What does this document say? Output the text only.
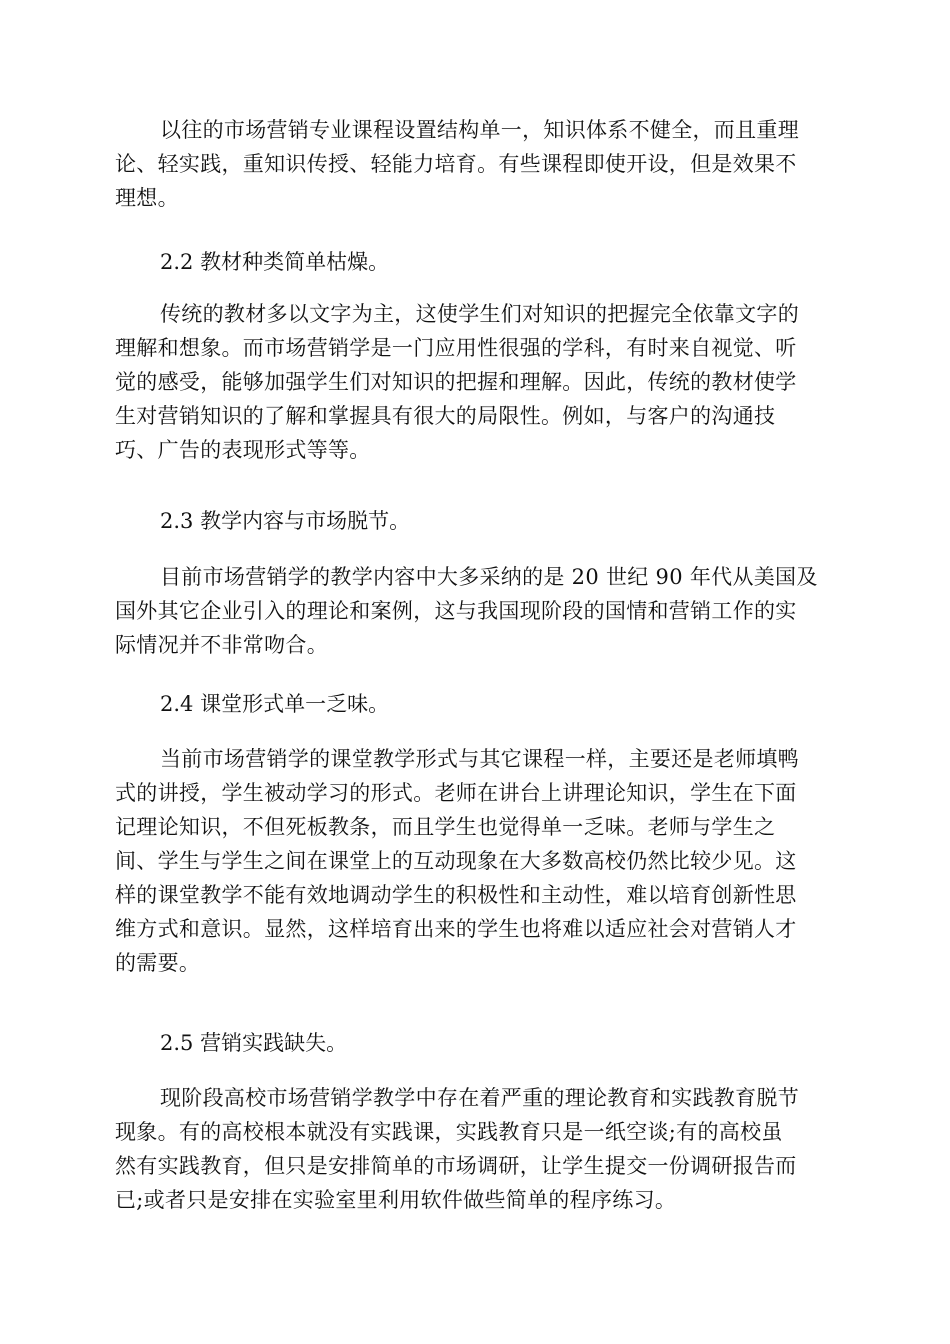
以往的市场营销专业课程设置结构单一，知识体系不健全，而且重理
论、轻实践，重知识传授、轻能力培育。有些课程即使开设，但是效果不
理想。
2.2 教材种类简单枯燥。
传统的教材多以文字为主，这使学生们对知识的把握完全依靠文字的
理解和想象。而市场营销学是一门应用性很强的学科，有时来自视觉、听
觉的感受，能够加强学生们对知识的把握和理解。因此，传统的教材使学
生对营销知识的了解和掌握具有很大的局限性。例如，与客户的沟通技
巧、广告的表现形式等等。
2.3 教学内容与市场脱节。
目前市场营销学的教学内容中大多采纳的是 20 世纪 90 年代从美国及
国外其它企业引入的理论和案例，这与我国现阶段的国情和营销工作的实
际情况并不非常吻合。
2.4 课堂形式单一乏味。
当前市场营销学的课堂教学形式与其它课程一样，主要还是老师填鸭
式的讲授，学生被动学习的形式。老师在讲台上讲理论知识，学生在下面
记理论知识，不但死板教条，而且学生也觉得单一乏味。老师与学生之
间、学生与学生之间在课堂上的互动现象在大多数高校仍然比较少见。这
样的课堂教学不能有效地调动学生的积极性和主动性，难以培育创新性思
维方式和意识。显然，这样培育出来的学生也将难以适应社会对营销人才
的需要。
2.5 营销实践缺失。
现阶段高校市场营销学教学中存在着严重的理论教育和实践教育脱节
现象。有的高校根本就没有实践课，实践教育只是一纸空谈;有的高校虽
然有实践教育，但只是安排简单的市场调研，让学生提交一份调研报告而
已;或者只是安排在实验室里利用软件做些简单的程序练习。
